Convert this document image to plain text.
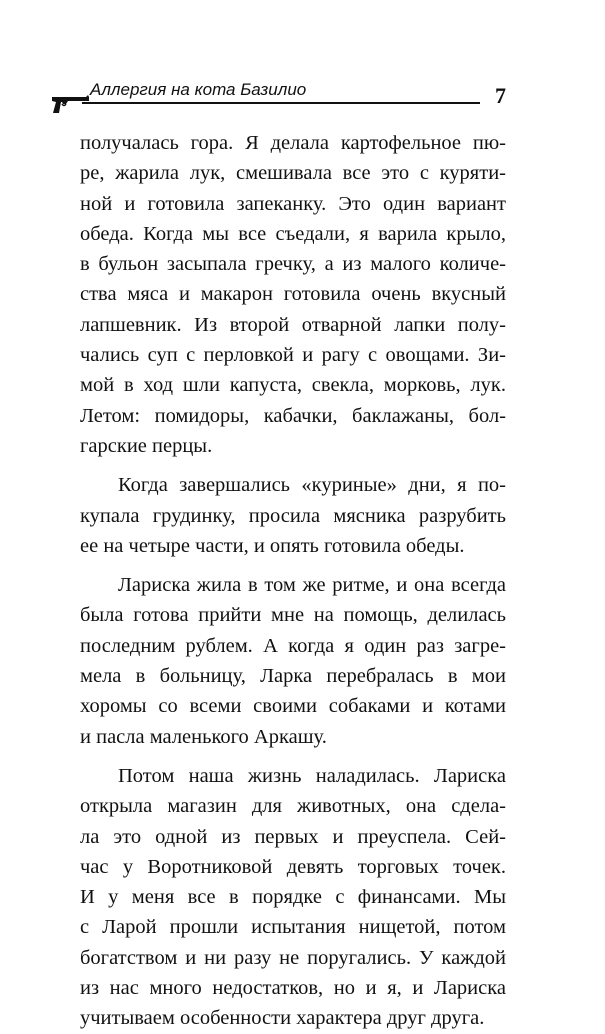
Аллергия на кота Базилио	7
получалась гора. Я делала картофельное пю-
ре, жарила лук, смешивала все это с куряти-
ной и готовила запеканку. Это один вариант
обеда. Когда мы все съедали, я варила крыло,
в бульон засыпала гречку, а из малого количе-
ства мяса и макарон готовила очень вкусный
лапшевник. Из второй отварной лапки полу-
чались суп с перловкой и рагу с овощами. Зи-
мой в ход шли капуста, свекла, морковь, лук.
Летом: помидоры, кабачки, баклажаны, бол-
гарские перцы.
Когда завершались «куриные» дни, я по-
купала грудинку, просила мясника разрубить
ее на четыре части, и опять готовила обеды.
Лариска жила в том же ритме, и она всегда
была готова прийти мне на помощь, делилась
последним рублем. А когда я один раз загре-
мела в больницу, Ларка перебралась в мои
хоромы со всеми своими собаками и котами
и пасла маленького Аркашу.
Потом наша жизнь наладилась. Лариска
открыла магазин для животных, она сдела-
ла это одной из первых и преуспела. Сей-
час у Воротниковой девять торговых точек.
И у меня все в порядке с финансами. Мы
с Ларой прошли испытания нищетой, потом
богатством и ни разу не поругались. У каждой
из нас много недостатков, но и я, и Лариска
учитываем особенности характера друг друга.
